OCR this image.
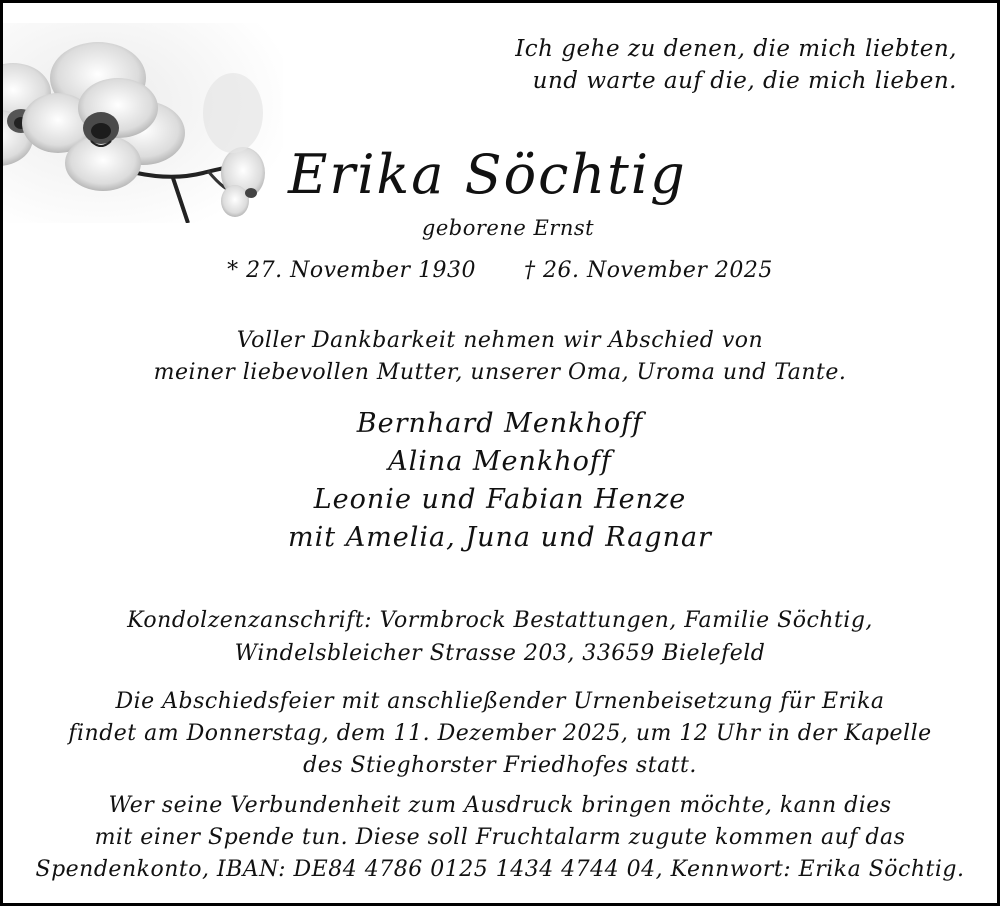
Ich gehe zu denen, die mich liebten,
und warte auf die, die mich lieben.
Erika Söchtig
geborene Ernst
* 27. November 1930 † 26. November 2025
Voller Dankbarkeit nehmen wir Abschied von
meiner liebevollen Mutter, unserer Oma, Uroma und Tante.
Bernhard Menkhoff
Alina Menkhoff
Leonie und Fabian Henze
mit Amelia, Juna und Ragnar
Kondolzenzanschrift: Vormbrock Bestattungen, Familie Söchtig,
Windelsbleicher Strasse 203, 33659 Bielefeld
Die Abschiedsfeier mit anschließender Urnenbeisetzung für Erika
findet am Donnerstag, dem 11. Dezember 2025, um 12 Uhr in der Kapelle
des Stieghorster Friedhofes statt.
Wer seine Verbundenheit zum Ausdruck bringen möchte, kann dies
mit einer Spende tun. Diese soll Fruchtalarm zugute kommen auf das
Spendenkonto, IBAN: DE84 4786 0125 1434 4744 04, Kennwort: Erika Söchtig.
